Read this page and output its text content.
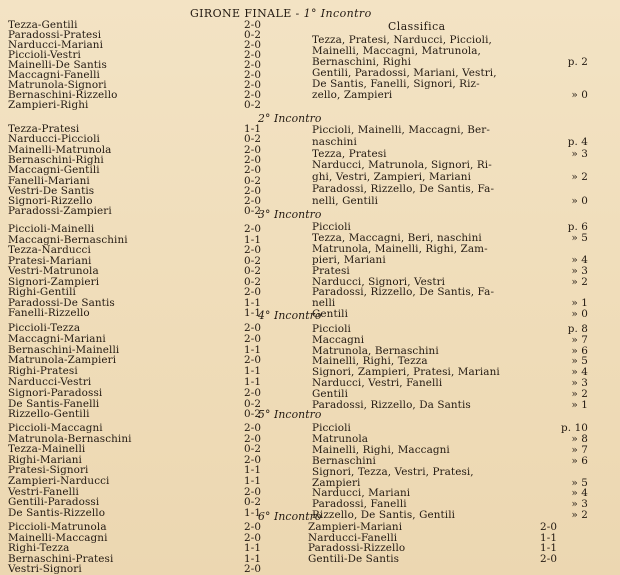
GIRONE FINALE - 1° Incontro
Classifica
Tezza-Gentili	2-0
Paradossi-Pratesi	0-2
Narducci-Mariani	2-0
Piccioli-Vestri	2-0
Mainelli-De Santis	2-0
Maccagni-Fanelli	2-0
Matrunola-Signori	2-0
Bernaschini-Rizzello	2-0
Zampieri-Righi	0-2
Tezza, Pratesi, Narducci, Piccioli,
Mainelli, Maccagni, Matrunola,
Bernaschini, Righi	p. 2
Gentili, Paradossi, Mariani, Vestri,
De Santis, Fanelli, Signori, Riz-
zello, Zampieri	» 0
2° Incontro
Tezza-Pratesi	1-1
Narducci-Piccioli	0-2
Mainelli-Matrunola	2-0
Bernaschini-Righi	2-0
Maccagni-Gentili	2-0
Fanelli-Mariani	0-2
Vestri-De Santis	2-0
Signori-Rizzello	2-0
Paradossi-Zampieri	0-2
Piccioli, Mainelli, Maccagni, Ber-
naschini	p. 4
Tezza, Pratesi	» 3
Narducci, Matrunola, Signori, Ri-
ghi, Vestri, Zampieri, Mariani	» 2
Paradossi, Rizzello, De Santis, Fa-
nelli, Gentili	» 0
3° Incontro
Piccioli-Mainelli	2-0
Maccagni-Bernaschini	1-1
Tezza-Narducci	2-0
Pratesi-Mariani	0-2
Vestri-Matrunola	0-2
Signori-Zampieri	0-2
Righi-Gentili	2-0
Paradossi-De Santis	1-1
Fanelli-Rizzello	1-1
Piccioli	p. 6
Tezza, Maccagni, Beri, naschini	» 5
Matrunola, Mainelli, Righi, Zam-
pieri, Mariani	» 4
Pratesi	» 3
Narducci, Signori, Vestri	» 2
Paradossi, Rizzello, De Santis, Fa-
nelli	» 1
Gentili	» 0
4° Incontro
Piccioli-Tezza	2-0
Maccagni-Mariani	2-0
Bernaschini-Mainelli	1-1
Matrunola-Zampieri	2-0
Righi-Pratesi	1-1
Narducci-Vestri	1-1
Signori-Paradossi	2-0
De Santis-Fanelli	0-2
Rizzello-Gentili	0-2
Piccioli	p. 8
Maccagni	» 7
Matrunola, Bernaschini	» 6
Mainelli, Righi, Tezza	» 5
Signori, Zampieri, Pratesi, Mariani	» 4
Narducci, Vestri, Fanelli	» 3
Gentili	» 2
Paradossi, Rizzello, Da Santis	» 1
5° Incontro
Piccioli-Maccagni	2-0
Matrunola-Bernaschini	2-0
Tezza-Mainelli	0-2
Righi-Mariani	2-0
Pratesi-Signori	1-1
Zampieri-Narducci	1-1
Vestri-Fanelli	2-0
Gentili-Paradossi	0-2
De Santis-Rizzello	1-1
Piccioli	p. 10
Matrunola	» 8
Mainelli, Righi, Maccagni	» 7
Bernaschini	» 6
Signori, Tezza, Vestri, Pratesi,
Zampieri	» 5
Narducci, Mariani	» 4
Paradossi, Fanelli	» 3
Rizzello, De Santis, Gentili	» 2
6° Incontro
Piccioli-Matrunola	2-0
Mainelli-Maccagni	2-0
Righi-Tezza	1-1
Bernaschini-Pratesi	1-1
Vestri-Signori	2-0
Zampieri-Mariani	2-0
Narducci-Fanelli	1-1
Paradossi-Rizzello	1-1
Gentili-De Santis	2-0
